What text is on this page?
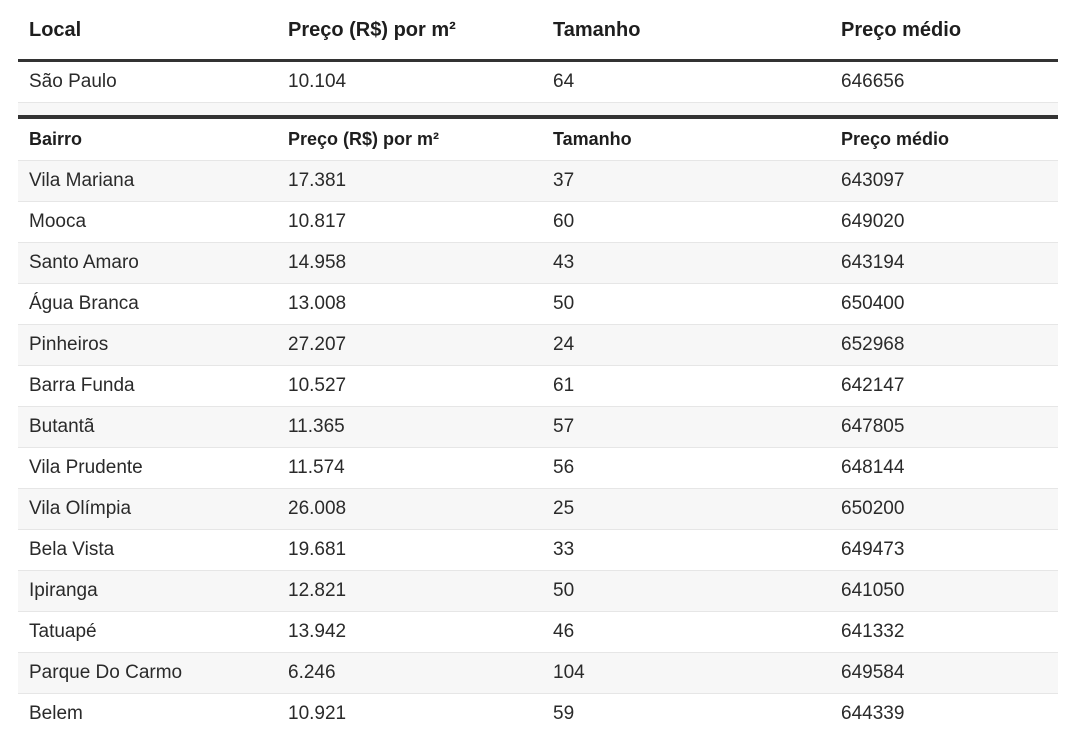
Local	Preço (R$) por m²	Tamanho	Preço médio
São Paulo	10.104	64	646656

Bairro	Preço (R$) por m²	Tamanho	Preço médio
Vila Mariana	17.381	37	643097
Mooca	10.817	60	649020
Santo Amaro	14.958	43	643194
Água Branca	13.008	50	650400
Pinheiros	27.207	24	652968
Barra Funda	10.527	61	642147
Butantã	11.365	57	647805
Vila Prudente	11.574	56	648144
Vila Olímpia	26.008	25	650200
Bela Vista	19.681	33	649473
Ipiranga	12.821	50	641050
Tatuapé	13.942	46	641332
Parque Do Carmo	6.246	104	649584
Belem	10.921	59	644339
